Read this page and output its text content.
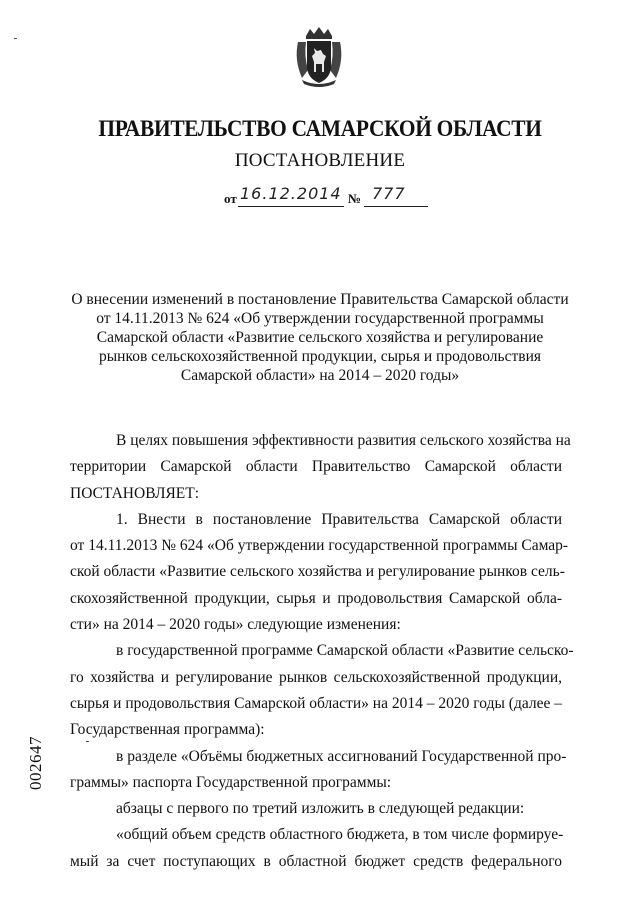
ПРАВИТЕЛЬСТВО САМАРСКОЙ ОБЛАСТИ
ПОСТАНОВЛЕНИЕ
от 16.12.2014 № 777

О внесении изменений в постановление Правительства Самарской области

от 14.11.2013 № 624 «Об утверждении государственной программы

Самарской области «Развитие сельского хозяйства и регулирование

рынков сельскохозяйственной продукции, сырья и продовольствия

Самарской области» на 2014 – 2020 годы»

В целях повышения эффективности развития сельского хозяйства на
территории Самарской области Правительство Самарской области
ПОСТАНОВЛЯЕТ:
1. Внести в постановление Правительства Самарской области
от 14.11.2013 № 624 «Об утверждении государственной программы Самар-
ской области «Развитие сельского хозяйства и регулирование рынков сель-
скохозяйственной продукции, сырья и продовольствия Самарской обла-
сти» на 2014 – 2020 годы» следующие изменения:
в государственной программе Самарской области «Развитие сельско-
го хозяйства и регулирование рынков сельскохозяйственной продукции,
сырья и продовольствия Самарской области» на 2014 – 2020 годы (далее –
Государственная программа):
в разделе «Объёмы бюджетных ассигнований Государственной про-
граммы» паспорта Государственной программы:
абзацы с первого по третий изложить в следующей редакции:
«общий объем средств областного бюджета, в том числе формируе-
мый за счет поступающих в областной бюджет средств федерального
002647
